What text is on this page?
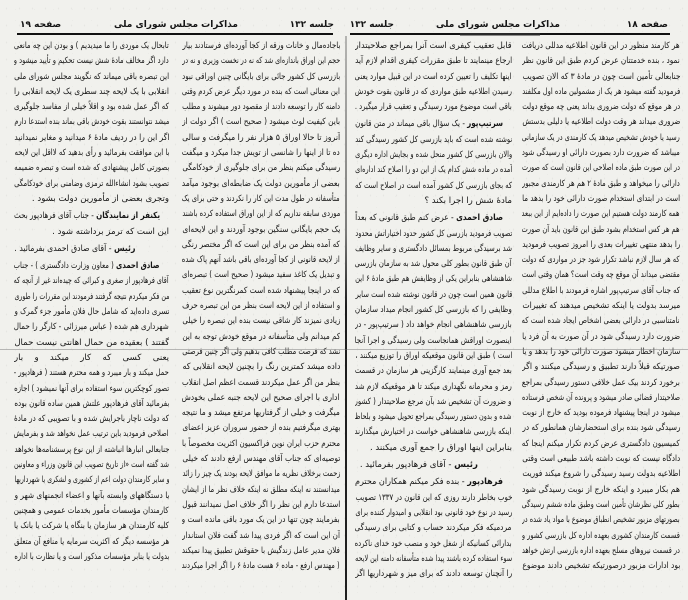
جلسه ۱۳۲	مذاکرات مجلس شورای ملی	صفحه ۱۸
هر کارمند منظور در این قانون اطلاعیه مدللی دریافت
نمود ، بنده خدمتتان عرض کردم طبق این قانون نظر
جنابعالی تأمین است چون در مادهٔ ۳ که الان تصویب
فرمودید گفته میشود هر یک از مشمولین ماده اول مکلفند
در هر موقع که دولت ضروری بداند یعنی چه موقع دولت
ضروری میداند هر وقت دولت اطلاعیه یا دلیلی بدستش
رسید یا خودش تشخیص میدهد یک کارمندی در یک سازمانی
میباشد که ضرورت دارد بصورت دارائی او رسیدگی شود
در این صورت طبق ماده اصلاحی این قانون است که صورت
دارائی را میخواهد و طبق مادهٔ ۲ هم هر کارمندی مجبور
است در ابتدای استخدام صورت دارائی خود را بدهد ما
همه کارمند دولت هستیم این صورت را داده‌ایم از این ببعد
هم هر کس استخدام بشود طبق این قانون باید آن صورت
را بدهد منتهی تغییرات بعدی را امروز تصویب فرمودید
که هر سال لازم نباشد تکرار شود جز در مواردی که دولت
مقتضی میداند آن موقع چه وقت است؟ همان وقتی است
که جناب آقای سرتیپ‌پور اشاره فرمودند با اطلاع مدللی
میرسد بدولت یا اینکه تشخیص میدهند که تغییرات
نامتناسبی در دارائی بعضی اشخاص ایجاد شده است که
ضرورت دارد رسیدگی شود در آن صورت به آن فرد یا
سازمان اخطار میشود صورت دارائی خود را بدهد و یا
صورتیکه قبلاً دارند تطبیق و رسیدگی میکنند و اگر
برخورد کردند بیک عمل خلافی دستور رسیدگی بمراجع
صلاحیتدار قضائی صادر میشود و پرونده آن شخص فرستاده
میشود در اینجا پیشنهاد فرموده بودید که خارج از نوبت
رسیدگی شود بنده برای استحضارشان همانطور که در
کمیسیون دادگستری عرض کردم تکرار میکنم اینجا که
دادگاه نیست که نوبت داشته باشد طبیعی است وقتی
اطلاعیه بدولت رسید رسیدگی را شروع میکند فوریت
هم بکار میبرد و اینکه خارج از نوبت رسیدگی شود
بطور کلی نظرشان تأمین است وطبق ماده ششم رسیدگی
بصورتهای مزبور تشخیص انطباق موضوع با مواد یاد شده در
قسمت کارمندان کشوری بعهده اداره کل بازرسی کشور و
در قسمت نیروهای مسلح بعهده اداره بازرسی ارتش خواهد
بود ادارات مزبور درصورتیکه تشخیص دادند موضوع
قابل تعقیب کیفری است آنرا بمراجع صلاحیتدار
ارجاع مینمایند تا طبق مقررات کیفری اقدام لازم آید
اینها تکلیف را تعیین کرده است در این قبیل موارد یعنی
رسیدن اطلاعیه طبق مواردی که در قانون بقوت خودش
باقی است موضوع مورد رسیدگی و تعقیب قرار میگیرد .
سرتیپ‌پور - یک سؤال باقی میماند در متن قانون
نوشته شده است که باید بازرسی کل کشور رسیدگی کند
والان بازرسی کل کشور منحل شده و بجایش اداره دیگری
آمده در ماده شش کدام یک از این دو را اصلاح کند اداره‌ای
که بجای بازرسی کل کشور آمده است در اصلاح است که
مادهٔ شش را اجرا بکند ؟
صادق احمدی - عرض کنم طبق قانونی که بعداً
تصویب فرمودید بازرسی کل کشور حدود اختیاراتش محدود
شد برسیدگی مربوط بمسائل دادگستری و سایر وظایف
آن طبق قانون بطور کلی محول شد به سازمان بازرسی
شاهنشاهی بنابراین یکی از وظایفش هم طبق مادهٔ ۶ این
قانون همین است چون در قانون نوشته شده است سایر
وظایفی را که بازرسی کل کشور انجام میداد سازمان
بازرسی شاهنشاهی انجام خواهد داد ( سرتیپ‌پور - در
اینصورت اوراقش همانجاست ولی رسیدگی و اجرا آنجا
است ) طبق این قانون موقعیکه اوراق را توزیع میکنند ،
بعد جمع آوری مینمایند کارگزینی هر سازمان در قسمت
رمز و محرمانه نگهداری میکند تا هر موقعیکه لازم شد
و ضرورت آن تشخیص شد بآن مرجع صلاحیتدار ( کشور
شده و بدون دستور رسیدگی بمراجع تحویل میشود و بلحاظ
اینکه بازرسی شاهنشاهی خواست در اختیارش میگذارند
بنابراین اینها اوراق را جمع آوری میکنند .
رئیس - آقای فرهادپور بفرمائید .
فرهادپور - بنده فکر میکنم همکاران محترم
خوب بخاطر دارند روزی که این قانون در ۱۳۳۷ تصویب
رسید در نوع خود قانونی بود انقلابی و امیدوار کننده برای
مردمیکه فکر میکردند حساب و کتابی برای رسیدگی
بدارائی کسانیکه از شغل خود و منصب خود خدای ناکرده
سوء استفاده کرده باشند پیدا شده متأسفانه دامنه این لایحه
را آنچنان توسعه دادند که برای میز و شهرداریها اگر
جلسه ۱۳۲
مذاکرات مجلس شورای ملی
صفحه ۱۹
باجاده‌مال و خانات ورقه از کجا آورده‌ای فرستادند بیار
حجم این اوراق باندازه‌ای شد که نه در نخست وزیری و نه در
بازرسی کل کشور جائی برای بایگانی چنین اوراقی نبود
این معنائی است که بنده در مورد دیگر عرض کردم وقتی
دامنه کار را توسعه دادند از مقصود دور میشوند و مطلب
باین کیفیت لوث میشود ( صحیح است ) اگر دولت از
آنروز تا حالا اوراق ۵ هزار نفر را میگرفت و سالی
ده تا از اینها را شانسی از تویش جدا میکرد و میگفت
رسیدگی میکنم بنظر من برای جلوگیری از خودکامگی
بعضی از مأمورین دولت یک ضابطه‌ای بوجود میآمد
متأسفانه در طول مدت این کار را نکردند و حتی برای یک
موردی سابقه نداریم که از این اوراق استفاده کرده باشند
یک حجم بایگانی سنگین بوجود آوردند و این لایحه‌ای
که آمده بنظر من برای این است که اگر مختصر رنگی
از لایحه قانونی از کجا آورده‌ای باقی باشد آنهم پاک شده
و تبدیل یک کاغذ سفید میشود ( صحیح است ) تبصره‌ای
که در اینجا پیشنهاد شده است کمرنگترین نوع تعقیب
و استفاده از این لایحه است بنظر من این تبصره حرف
زیادی نمیزند کار شاقی نیست بنده این تبصره را خیلی
کم میدانم ولی متأسفانه در موقع خودش توجه به این
نشد که فرصت مطلب کافی بدهیم ولی اگر چنین فرصتی
داده میشد کمترین رنگ را بچنین لایحه انقلابی که
بنظر من اگر عمل میکردند قسمت اعظم اصل انقلاب
اداری با اجرای صحیح این لایحه جنبه عملی بخودش
میگرفت و خیلی از گرفتاریها مرتفع میشد و ما نتیجه
بهتری میگرفتیم بنده از حضور سروران عزیز اعضای
محترم حزب ایران نوین فراکسیون اکثریت مخصوصاً با
توصیه‌ای که جناب آقای مهندس ارفع دادند که خیلی
زحمت برخلاف نظریه ما موافق لایحه بودند یک چیز را زائد
میدانستند نه اینکه مطلق نه اینکه خلاف نظر ما از ایشان
استدعا دارم این نظر را اگر خلاف اصل نمیدانند قبول
بفرمایند چون تنها در این یک مورد باقی مانده است و
آن این است که اگر فردی پیدا شد گفت فلان استاندار
فلان مدیر عامل زندگیش با حقوقش تطبیق پیدا نمیکند
( مهندس ارفع - ماده ۶ هست مادهٔ ۶ را اگر اجرا میکردند
تابحال یک موردی را ما میدیدیم ) و بودن این چه مانعی
دارد اگر مخالف مادهٔ شش نیست تحکیم و تأیید میشود و
این تبصره باقی میماند که نگویند مجلس شورای ملی
انقلابی با یک لایحه چند سطری یک لایحه انقلابی را
که اگر عمل شده بود و اقلاً خیلی از مفاسد جلوگیری
میشد نتوانستند بقوت خودش باقی بماند بنده استدعا دارم
اگر این را در ردیف مادهٔ ۶ میدانید و مغایر نمیدانید
با این موافقت بفرمائید و رأی بدهید که لااقل این لایحه
بصورتی کامل پیشنهادی که شده است و تبصره ضمیمه
تصویب بشود انشاءالله ترمزی وضامنی برای خودکامگی
وتجری بعضی از مأمورین دولت بشود .
یکنفر از نمایندگان - جناب آقای فرهادپور بحث
این است که ترمز برداشته شود .
رئیس - آقای صادق احمدی بفرمائید .
صادق احمدی ( معاون وزارت دادگستری ) - جناب
آقای فرهادپور از صغری و کبرائی که چیده‌اند غیر از آنچه که
من فکر میکردم نتیجه گرفتند فرمودند این مقررات را طوری
تسری داده‌اید که شامل حال فلان مأمور جزء گمرک و
شهرداری هم شده ( عباس میرزائی - کارگر را حمال
گفتند ) بعقیده من حمال اهانتی نیست حمال
یعنی کسی که کار میکند و بار
حمل میکند و بار میبرد و همه محترم هستند ( فرهادپور -
تصور کوچکترین سوء استفاده برای آنها نمیشود ) اجازه
بفرمائید آقای فرهادپور علتش همین ساده قانون بوده
که دولت ناچار باجرایش شده و با تصویبی که در مادهٔ
اصلاحی فرمودید باین ترتیب عمل نخواهد شد و بفرمایش
جنابعالی انبارها انباشته از این نوع پرسشنامه‌ها نخواهد
شد گفته است «از تاریخ تصویب این قانون وزراء و معاونین
و سایر کارمندان دولت اعم از کشوری و لشکری یا شهرداریها
یا دستگاههای وابسته بآنها و اعضاء انجمنهای شهر و
کارمندان مؤسسات مأمور بخدمات عمومی و همچنین
کلیه کارمندان هر سازمان یا بنگاه یا شرکت یا بانک یا
هر مؤسسه دیگر که اکثریت سرمایه یا منافع آن متعلق
بدولت یا بنابر مؤسسات مذکور است و یا نظارت با اداره
